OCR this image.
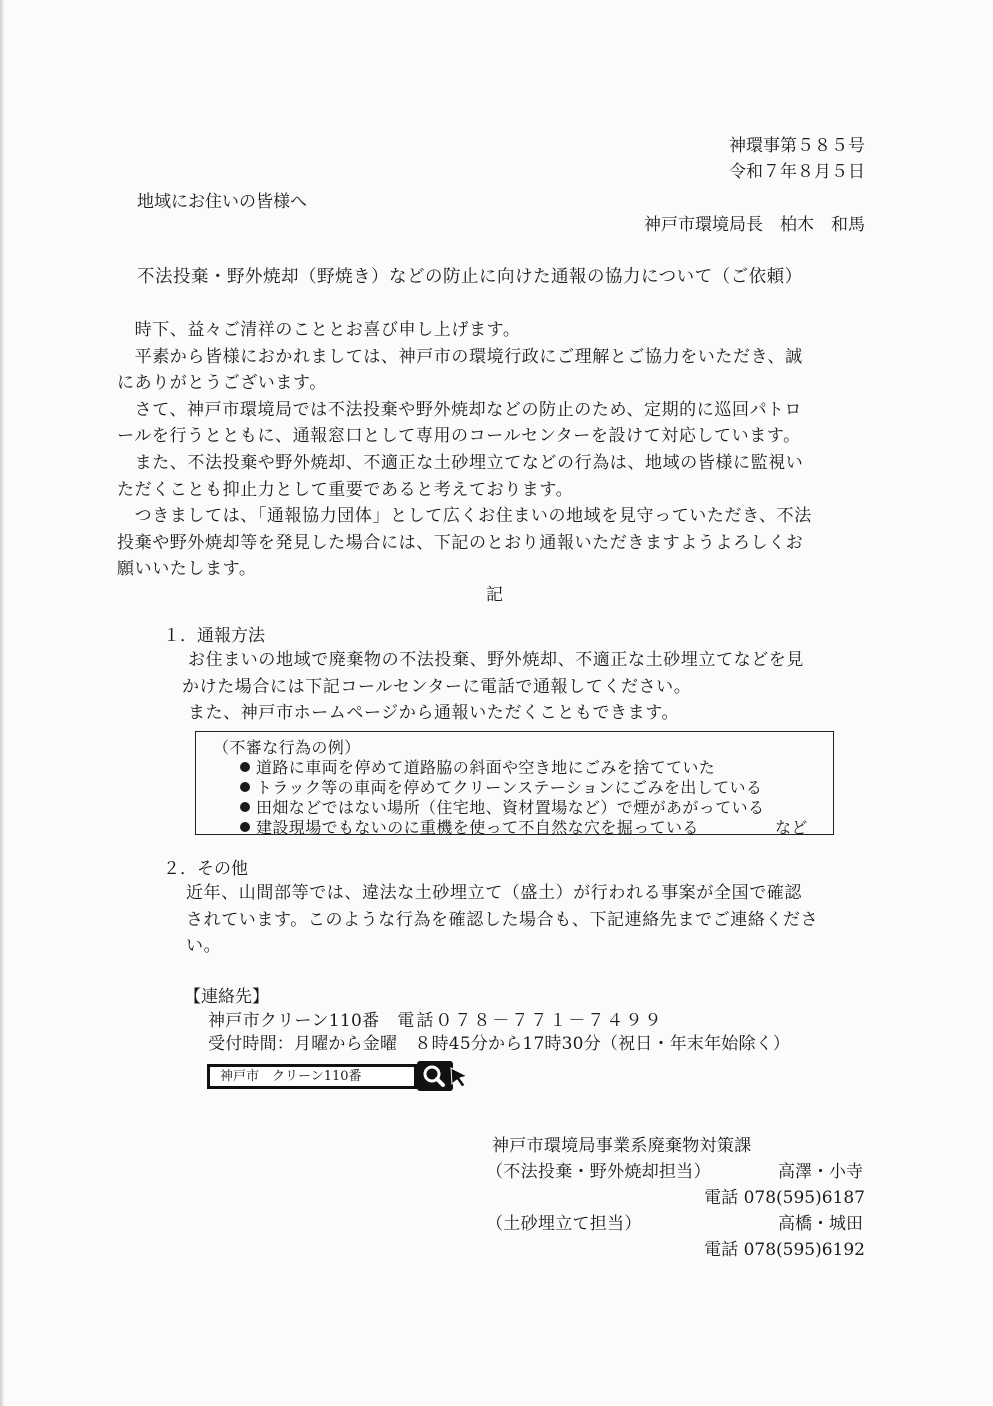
神環事第５８５号
令和７年８月５日
地域にお住いの皆様へ
神戸市環境局長　柏木　和馬
不法投棄・野外焼却（野焼き）などの防止に向けた通報の協力について（ご依頼）
　時下、益々ご清祥のこととお喜び申し上げます。
　平素から皆様におかれましては、神戸市の環境行政にご理解とご協力をいただき、誠
にありがとうございます。
　さて、神戸市環境局では不法投棄や野外焼却などの防止のため、定期的に巡回パトロ
ールを行うとともに、通報窓口として専用のコールセンターを設けて対応しています。
　また、不法投棄や野外焼却、不適正な土砂埋立てなどの行為は、地域の皆様に監視い
ただくことも抑止力として重要であると考えております。
　つきましては、「通報協力団体」として広くお住まいの地域を見守っていただき、不法
投棄や野外焼却等を発見した場合には、下記のとおり通報いただきますようよろしくお
願いいたします。
記
１．通報方法
お住まいの地域で廃棄物の不法投棄、野外焼却、不適正な土砂埋立てなどを見
かけた場合には下記コールセンターに電話で通報してください。
また、神戸市ホームページから通報いただくこともできます。
（不審な行為の例）
道路に車両を停めて道路脇の斜面や空き地にごみを捨てていた
トラック等の車両を停めてクリーンステーションにごみを出している
田畑などではない場所（住宅地、資材置場など）で煙があがっている
建設現場でもないのに重機を使って不自然な穴を掘っている	など
２．その他
近年、山間部等では、違法な土砂埋立て（盛土）が行われる事案が全国で確認
されています。このような行為を確認した場合も、下記連絡先までご連絡くださ
い。
【連絡先】
神戸市クリーン110番 電話０７８－７７１－７４９９
受付時間：月曜から金曜　８時45分から17時30分（祝日・年末年始除く）
神戸市　クリーン110番
神戸市環境局事業系廃棄物対策課
（不法投棄・野外焼却担当）	高澤・小寺
電話 078(595)6187
（土砂埋立て担当）	高橋・城田
電話 078(595)6192
